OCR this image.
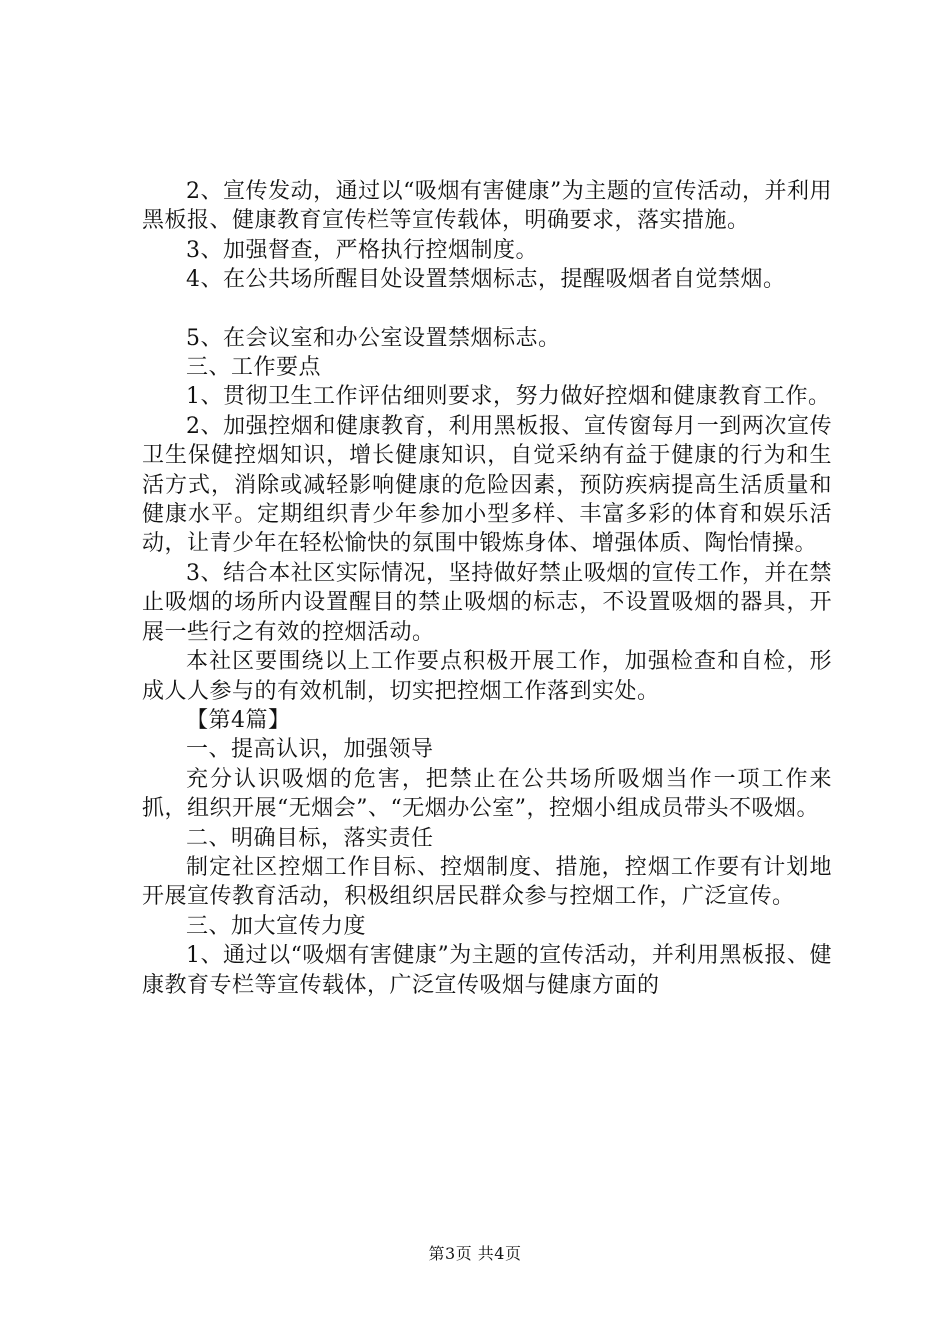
2、宣传发动，通过以“吸烟有害健康”为主题的宣传活动，并利用黑板报、健康教育宣传栏等宣传载体，明确要求，落实措施。

3、加强督查，严格执行控烟制度。

4、在公共场所醒目处设置禁烟标志，提醒吸烟者自觉禁烟。

5、在会议室和办公室设置禁烟标志。

三、工作要点

1、贯彻卫生工作评估细则要求，努力做好控烟和健康教育工作。

2、加强控烟和健康教育，利用黑板报、宣传窗每月一到两次宣传卫生保健控烟知识，增长健康知识，自觉采纳有益于健康的行为和生活方式，消除或减轻影响健康的危险因素，预防疾病提高生活质量和健康水平。定期组织青少年参加小型多样、丰富多彩的体育和娱乐活动，让青少年在轻松愉快的氛围中锻炼身体、增强体质、陶怡情操。

3、结合本社区实际情况，坚持做好禁止吸烟的宣传工作，并在禁止吸烟的场所内设置醒目的禁止吸烟的标志，不设置吸烟的器具，开展一些行之有效的控烟活动。

本社区要围绕以上工作要点积极开展工作，加强检查和自检，形成人人参与的有效机制，切实把控烟工作落到实处。

【第4篇】

一、提高认识，加强领导

充分认识吸烟的危害，把禁止在公共场所吸烟当作一项工作来抓，组织开展“无烟会”、“无烟办公室”，控烟小组成员带头不吸烟。

二、明确目标，落实责任

制定社区控烟工作目标、控烟制度、措施，控烟工作要有计划地开展宣传教育活动，积极组织居民群众参与控烟工作，广泛宣传。

三、加大宣传力度

1、通过以“吸烟有害健康”为主题的宣传活动，并利用黑板报、健康教育专栏等宣传载体，广泛宣传吸烟与健康方面的

第3页 共4页
